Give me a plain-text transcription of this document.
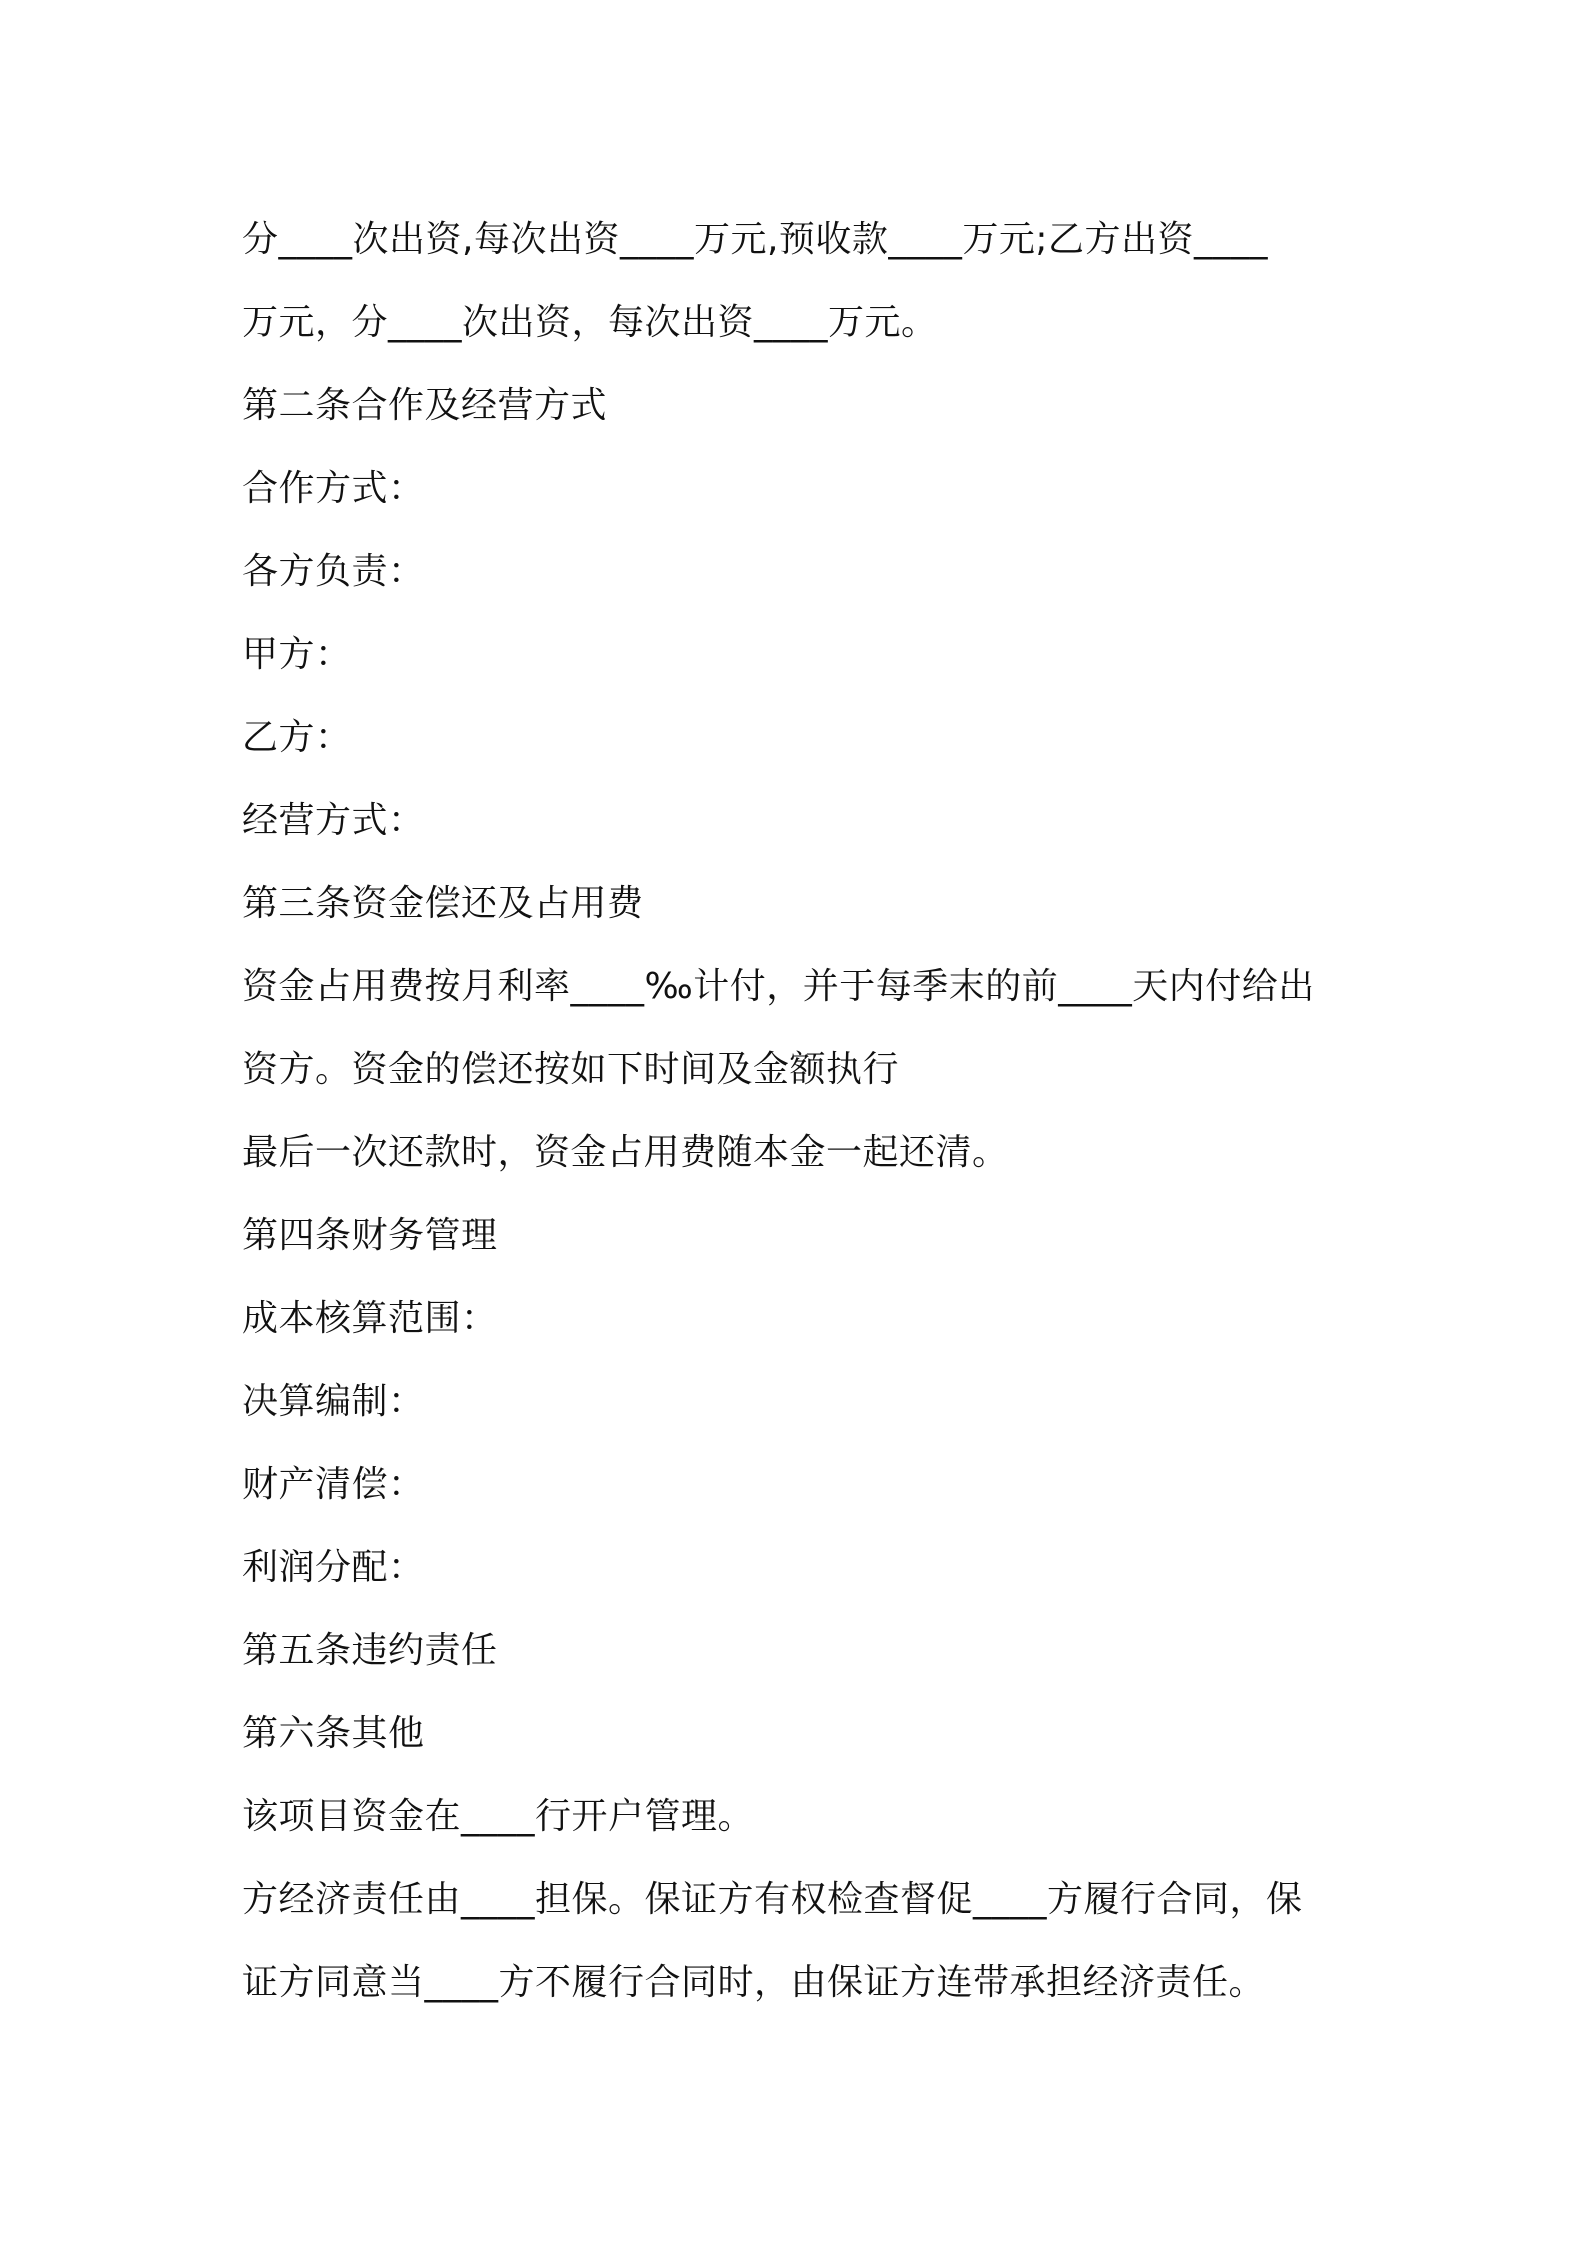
分____次出资,每次出资____万元,预收款____万元;乙方出资____
万元，分____次出资，每次出资____万元。
第二条合作及经营方式
合作方式：
各方负责：
甲方：
乙方：
经营方式：
第三条资金偿还及占用费
资金占用费按月利率____‰计付，并于每季末的前____天内付给出
资方。资金的偿还按如下时间及金额执行
最后一次还款时，资金占用费随本金一起还清。
第四条财务管理
成本核算范围：
决算编制：
财产清偿：
利润分配：
第五条违约责任
第六条其他
该项目资金在____行开户管理。
方经济责任由____担保。保证方有权检查督促____方履行合同，保
证方同意当____方不履行合同时，由保证方连带承担经济责任。
